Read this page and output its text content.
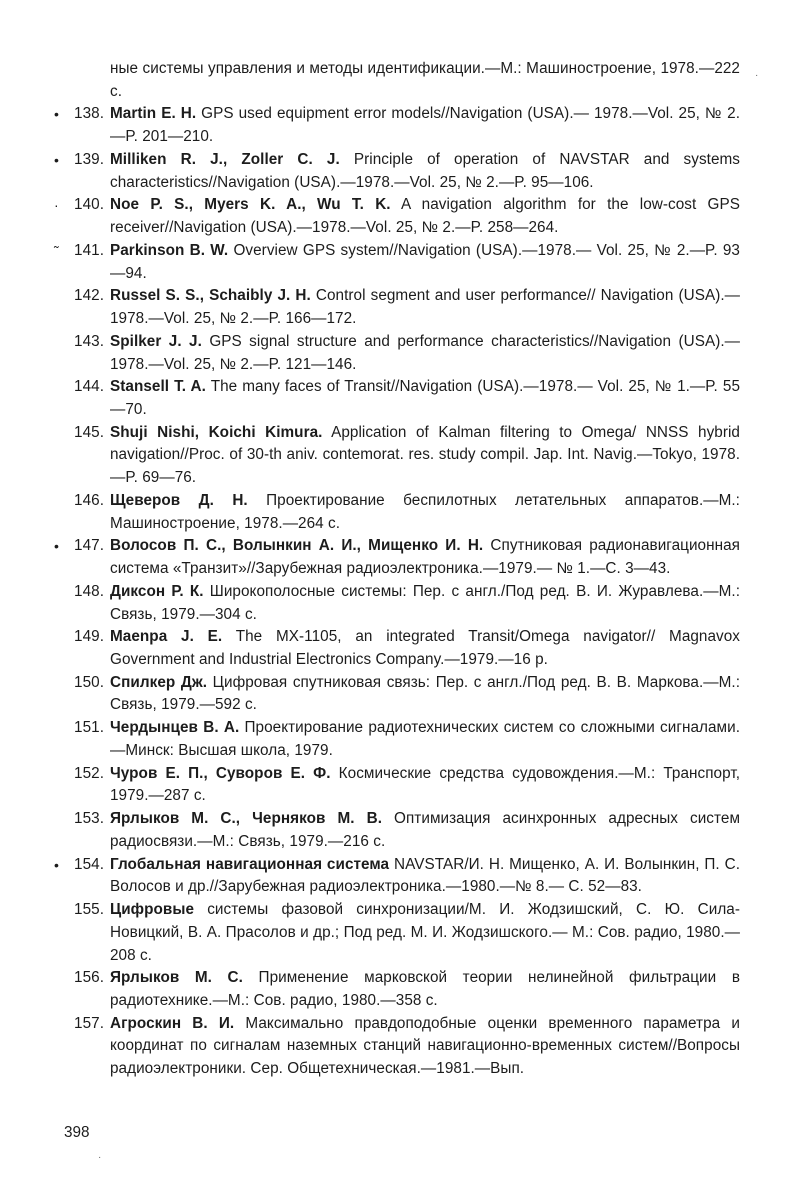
ные системы управления и методы идентификации.—М.: Машиностроение, 1978.—222 с.
• 138. Martin E. H. GPS used equipment error models//Navigation (USA).— 1978.—Vol. 25, № 2.—P. 201—210.
• 139. Milliken R. J., Zoller C. J. Principle of operation of NAVSTAR and systems characteristics//Navigation (USA).—1978.—Vol. 25, № 2.—P. 95—106.
· 140. Noe P. S., Myers K. A., Wu T. K. A navigation algorithm for the low-cost GPS receiver//Navigation (USA).—1978.—Vol. 25, № 2.—P. 258—264.
˜ 141. Parkinson B. W. Overview GPS system//Navigation (USA).—1978.— Vol. 25, № 2.—P. 93—94.
142. Russel S. S., Schaibly J. H. Control segment and user performance// Navigation (USA).—1978.—Vol. 25, № 2.—P. 166—172.
143. Spilker J. J. GPS signal structure and performance characteristics//Navigation (USA).—1978.—Vol. 25, № 2.—P. 121—146.
144. Stansell T. A. The many faces of Transit//Navigation (USA).—1978.— Vol. 25, № 1.—P. 55—70.
145. Shuji Nishi, Koichi Kimura. Application of Kalman filtering to Omega/ NNSS hybrid navigation//Proc. of 30-th aniv. contemorat. res. study compil. Jap. Int. Navig.—Tokyo, 1978.—P. 69—76.
146. Щеверов Д. Н. Проектирование беспилотных летательных аппаратов.—М.: Машиностроение, 1978.—264 с.
• 147. Волосов П. С., Волынкин А. И., Мищенко И. Н. Спутниковая радионавигационная система «Транзит»//Зарубежная радиоэлектроника.—1979.— № 1.—С. 3—43.
148. Диксон Р. К. Широкополосные системы: Пер. с англ./Под ред. В. И. Журавлева.—М.: Связь, 1979.—304 с.
149. Maenpa J. E. The MX-1105, an integrated Transit/Omega navigator// Magnavox Government and Industrial Electronics Company.—1979.—16 p.
150. Спилкер Дж. Цифровая спутниковая связь: Пер. с англ./Под ред. В. В. Маркова.—М.: Связь, 1979.—592 с.
151. Чердынцев В. А. Проектирование радиотехнических систем со сложными сигналами.—Минск: Высшая школа, 1979.
152. Чуров Е. П., Суворов Е. Ф. Космические средства судовождения.—М.: Транспорт, 1979.—287 с.
153. Ярлыков М. С., Черняков М. В. Оптимизация асинхронных адресных систем радиосвязи.—М.: Связь, 1979.—216 с.
• 154. Глобальная навигационная система NAVSTAR/И. Н. Мищенко, А. И. Волынкин, П. С. Волосов и др.//Зарубежная радиоэлектроника.—1980.—№ 8.— С. 52—83.
155. Цифровые системы фазовой синхронизации/М. И. Жодзишский, С. Ю. Сила-Новицкий, В. А. Прасолов и др.; Под ред. М. И. Жодзишского.— М.: Сов. радио, 1980.—208 с.
156. Ярлыков М. С. Применение марковской теории нелинейной фильтрации в радиотехнике.—М.: Сов. радио, 1980.—358 с.
157. Агроскин В. И. Максимально правдоподобные оценки временного параметра и координат по сигналам наземных станций навигационно-временных систем//Вопросы радиоэлектроники. Сер. Общетехническая.—1981.—Вып.
398
·
·
